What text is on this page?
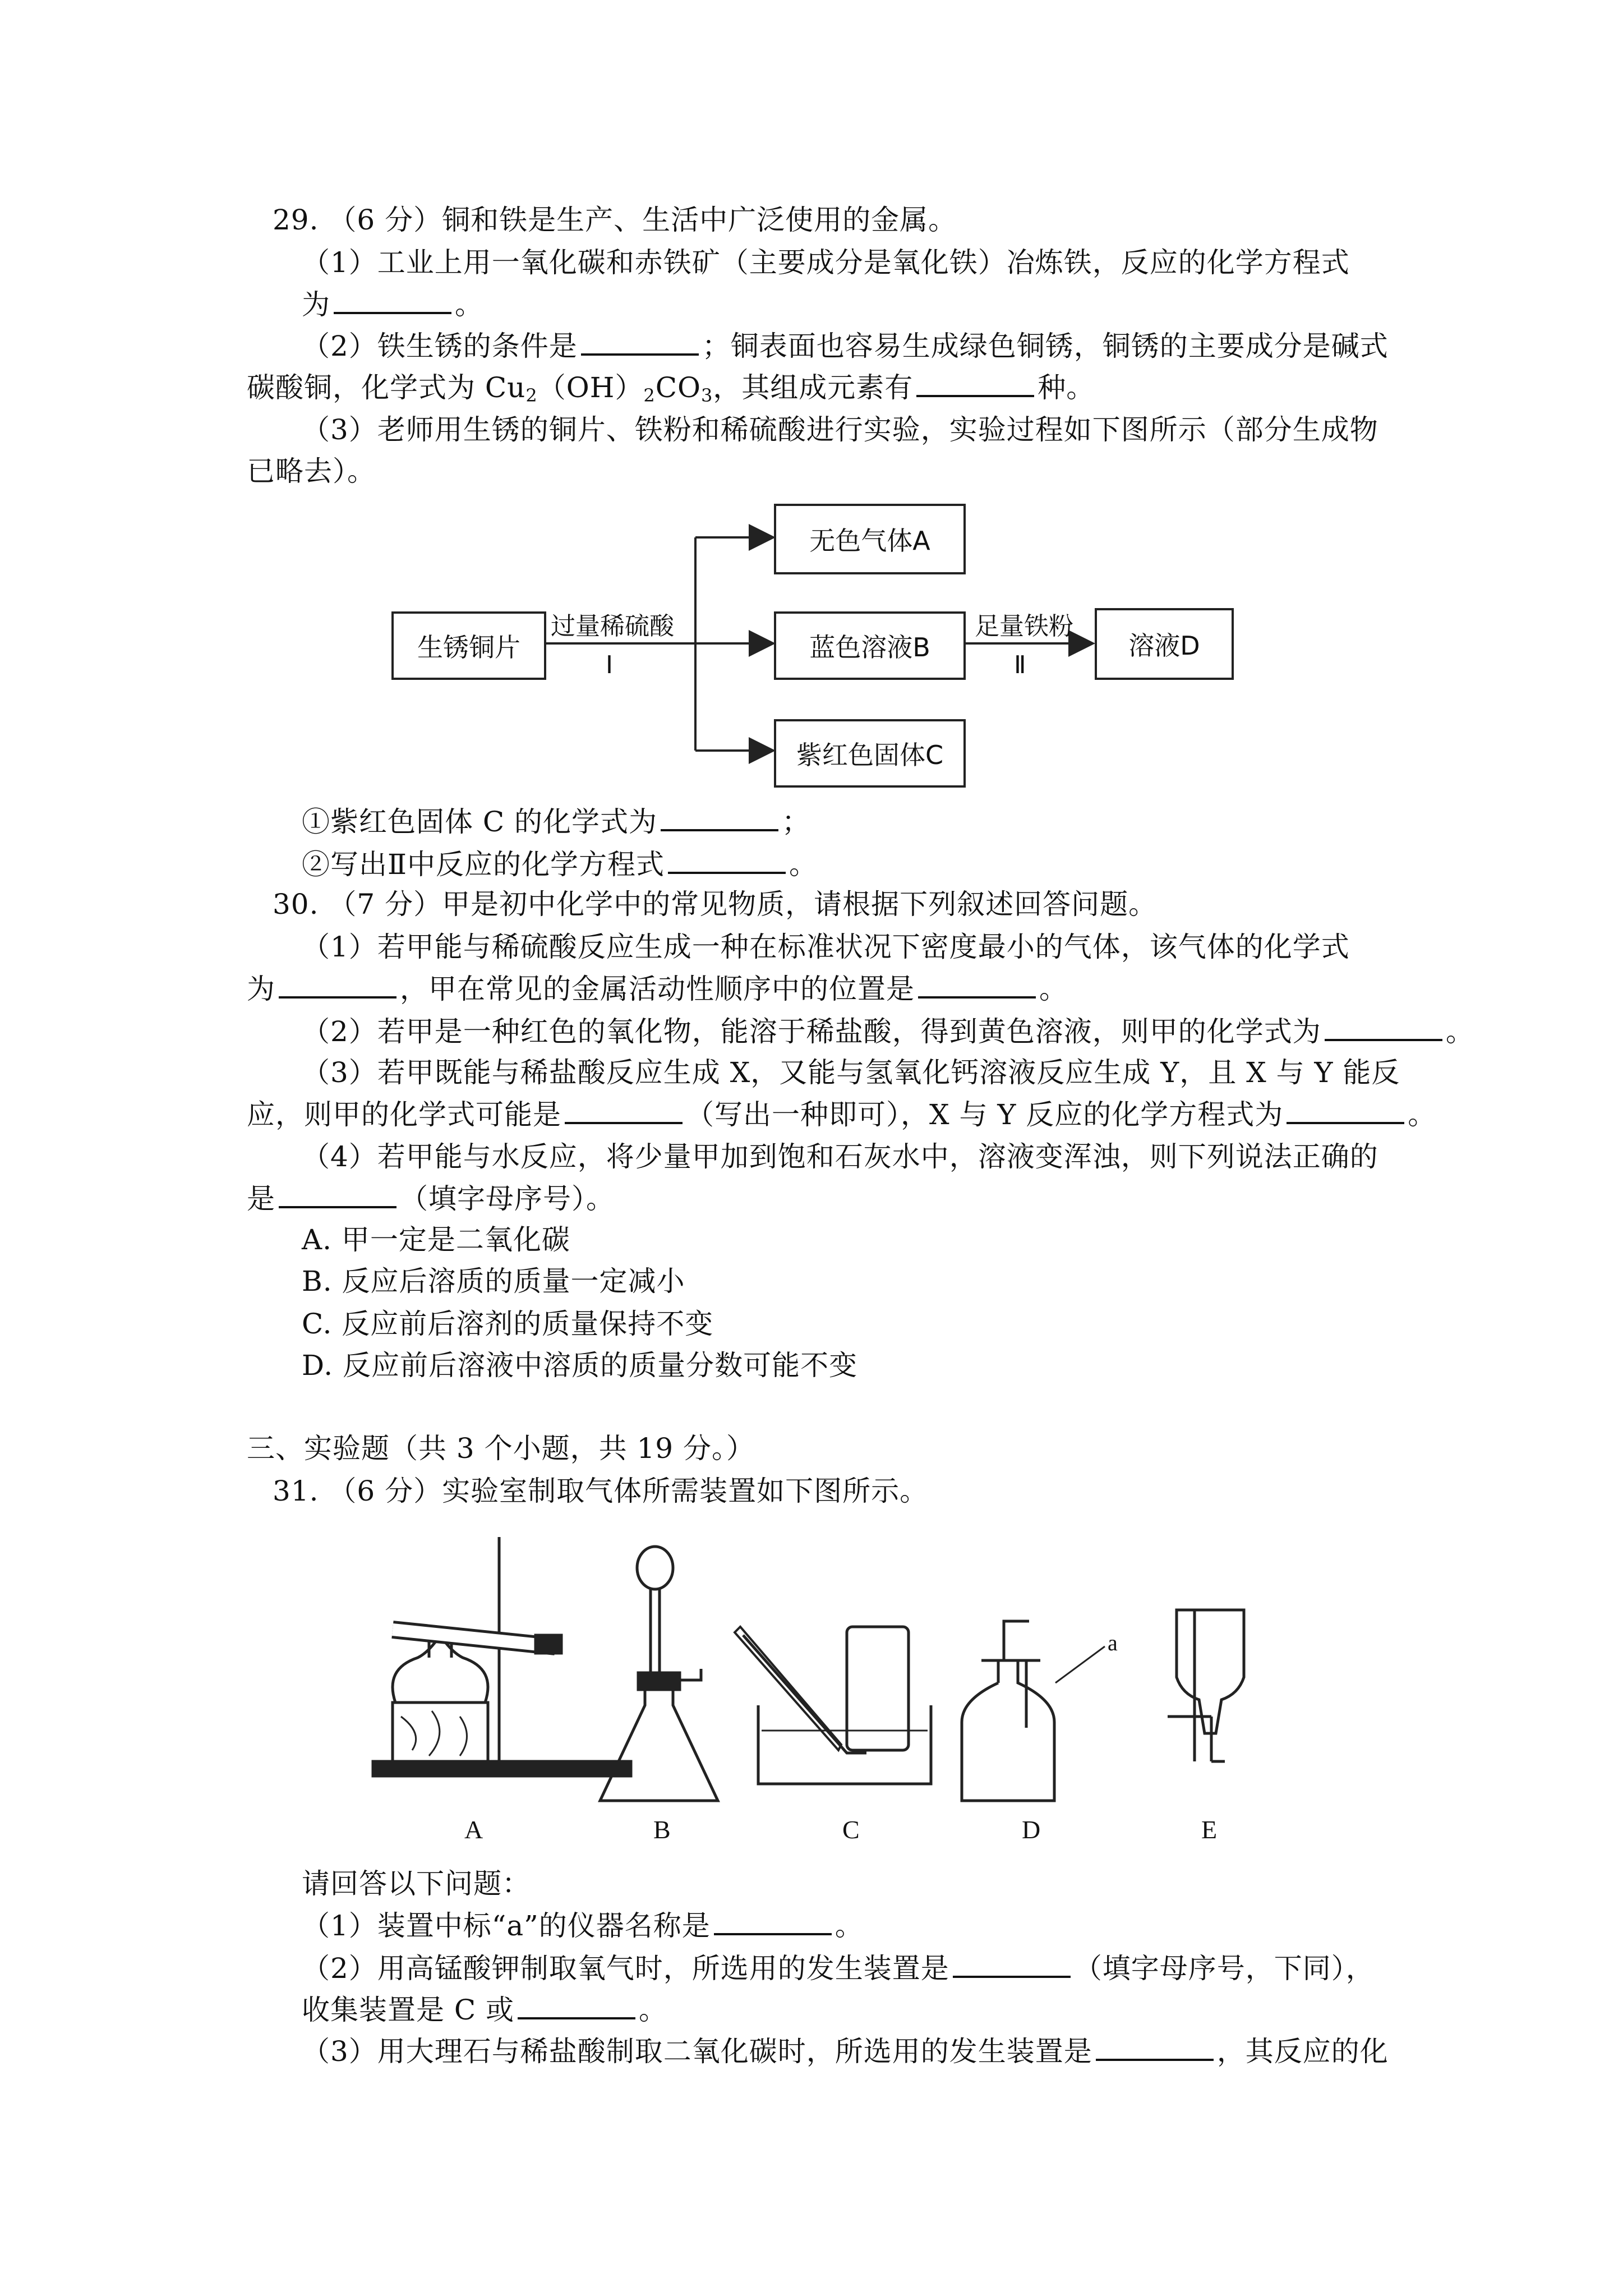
29. （6 分）铜和铁是生产、生活中广泛使用的金属。
（1）工业上用一氧化碳和赤铁矿（主要成分是氧化铁）冶炼铁，反应的化学方程式
为	。
（2）铁生锈的条件是	；铜表面也容易生成绿色铜锈，铜锈的主要成分是碱式
碳酸铜，化学式为 $Cu_2(OH)_2CO_3$，其组成元素有	种。
（3）老师用生锈的铜片、铁粉和稀硫酸进行实验，实验过程如下图所示（部分生成物
已略去）。
生锈铜片
过量稀硫酸
I
无色气体A
蓝色溶液B
紫红色固体C
足量铁粉
Ⅱ
溶液D
①紫红色固体 C 的化学式为	；
②写出Ⅱ中反应的化学方程式	。
30. （7 分）甲是初中化学中的常见物质，请根据下列叙述回答问题。
（1）若甲能与稀硫酸反应生成一种在标准状况下密度最小的气体，该气体的化学式
为	，甲在常见的金属活动性顺序中的位置是	。
（2）若甲是一种红色的氧化物，能溶于稀盐酸，得到黄色溶液，则甲的化学式为	。
（3）若甲既能与稀盐酸反应生成 X，又能与氢氧化钙溶液反应生成 Y，且 X 与 Y 能反
应，则甲的化学式可能是	（写出一种即可），X 与 Y 反应的化学方程式为	。
（4）若甲能与水反应，将少量甲加到饱和石灰水中，溶液变浑浊，则下列说法正确的
是	（填字母序号）。
A. 甲一定是二氧化碳
B. 反应后溶质的质量一定减小
C. 反应前后溶剂的质量保持不变
D. 反应前后溶液中溶质的质量分数可能不变
三、实验题（共 3 个小题，共 19 分。）
31. （6 分）实验室制取气体所需装置如下图所示。
A	B	C	D	E
a
请回答以下问题：
（1）装置中标“a”的仪器名称是	。
（2）用高锰酸钾制取氧气时，所选用的发生装置是	（填字母序号，下同），
收集装置是 C 或	。
（3）用大理石与稀盐酸制取二氧化碳时，所选用的发生装置是	，其反应的化
